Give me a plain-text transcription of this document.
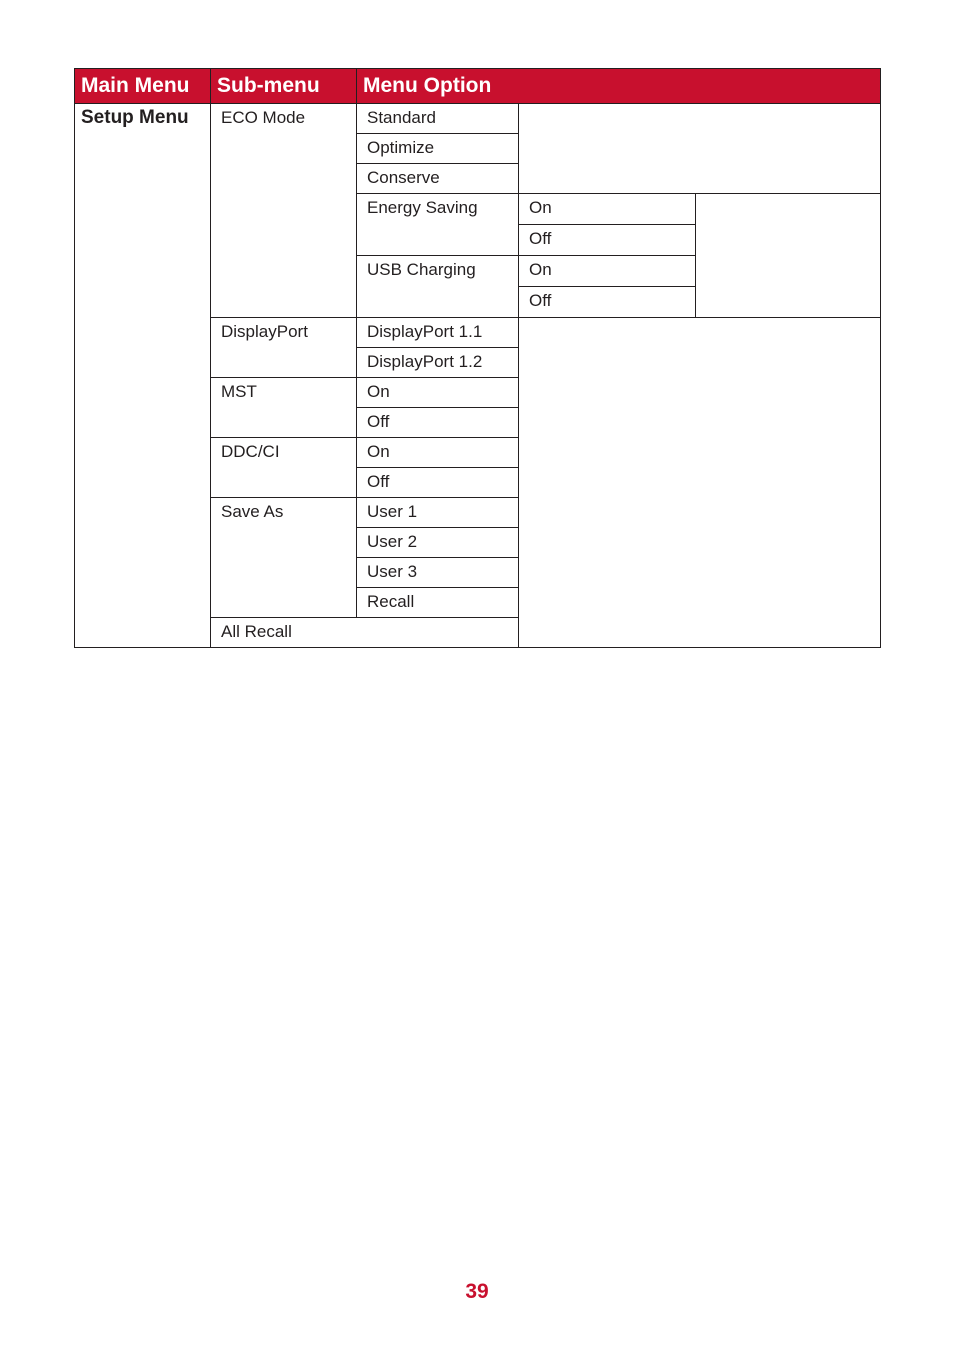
Main Menu	Sub-menu	Menu Option		
Setup Menu	ECO Mode	Standard		
		Optimize		
		Conserve		
		Energy Saving	On	
			Off	
		USB Charging	On	
			Off	
	DisplayPort	DisplayPort 1.1		
		DisplayPort 1.2		
	MST	On		
		Off		
	DDC/CI	On		
		Off		
	Save As	User 1		
		User 2		
		User 3		
		Recall		
	All Recall			
39
